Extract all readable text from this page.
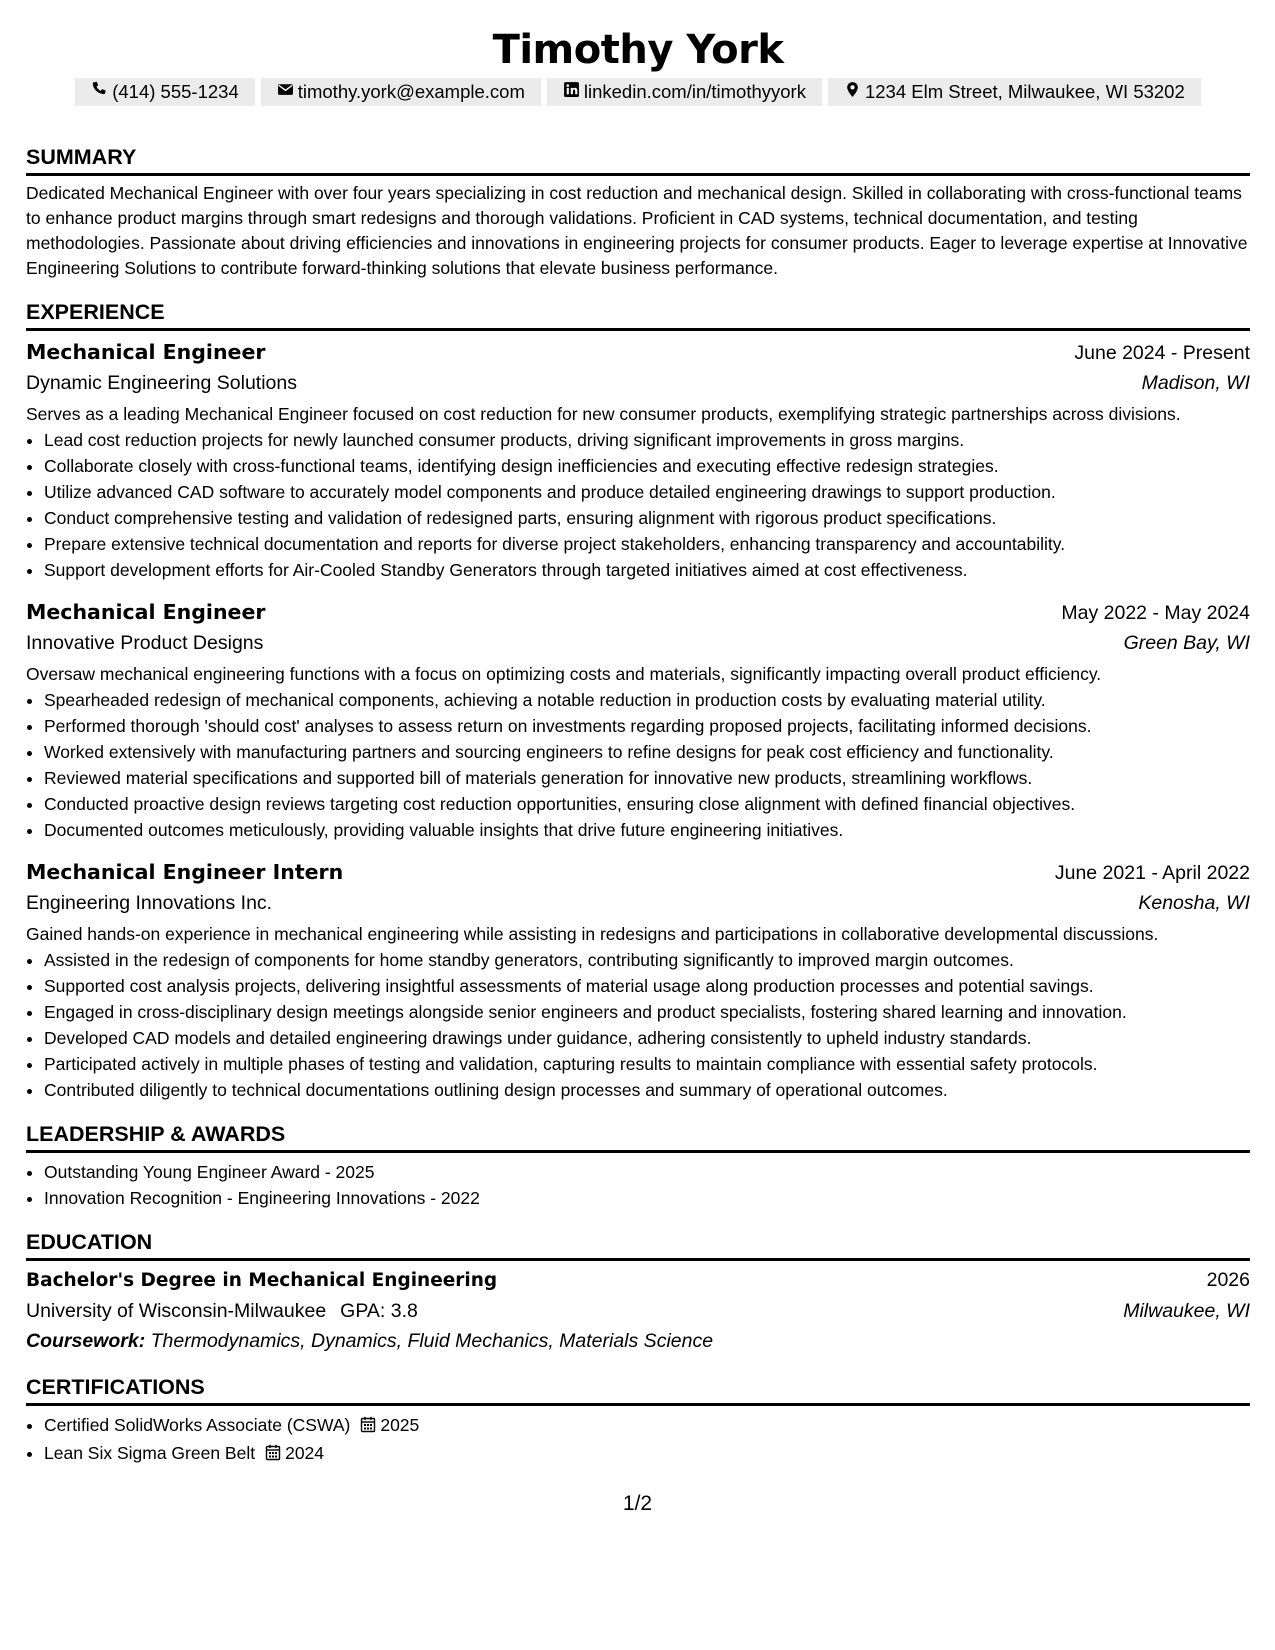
Timothy York
(414) 555-1234	timothy.york@example.com	linkedin.com/in/timothyyork	1234 Elm Street, Milwaukee, WI 53202
SUMMARY
Dedicated Mechanical Engineer with over four years specializing in cost reduction and mechanical design. Skilled in collaborating with cross-functional teams to enhance product margins through smart redesigns and thorough validations. Proficient in CAD systems, technical documentation, and testing methodologies. Passionate about driving efficiencies and innovations in engineering projects for consumer products. Eager to leverage expertise at Innovative Engineering Solutions to contribute forward-thinking solutions that elevate business performance.
EXPERIENCE
Mechanical Engineer	June 2024 - Present
Dynamic Engineering Solutions	Madison, WI
Serves as a leading Mechanical Engineer focused on cost reduction for new consumer products, exemplifying strategic partnerships across divisions.
• Lead cost reduction projects for newly launched consumer products, driving significant improvements in gross margins.
• Collaborate closely with cross-functional teams, identifying design inefficiencies and executing effective redesign strategies.
• Utilize advanced CAD software to accurately model components and produce detailed engineering drawings to support production.
• Conduct comprehensive testing and validation of redesigned parts, ensuring alignment with rigorous product specifications.
• Prepare extensive technical documentation and reports for diverse project stakeholders, enhancing transparency and accountability.
• Support development efforts for Air-Cooled Standby Generators through targeted initiatives aimed at cost effectiveness.
Mechanical Engineer	May 2022 - May 2024
Innovative Product Designs	Green Bay, WI
Oversaw mechanical engineering functions with a focus on optimizing costs and materials, significantly impacting overall product efficiency.
• Spearheaded redesign of mechanical components, achieving a notable reduction in production costs by evaluating material utility.
• Performed thorough 'should cost' analyses to assess return on investments regarding proposed projects, facilitating informed decisions.
• Worked extensively with manufacturing partners and sourcing engineers to refine designs for peak cost efficiency and functionality.
• Reviewed material specifications and supported bill of materials generation for innovative new products, streamlining workflows.
• Conducted proactive design reviews targeting cost reduction opportunities, ensuring close alignment with defined financial objectives.
• Documented outcomes meticulously, providing valuable insights that drive future engineering initiatives.
Mechanical Engineer Intern	June 2021 - April 2022
Engineering Innovations Inc.	Kenosha, WI
Gained hands-on experience in mechanical engineering while assisting in redesigns and participations in collaborative developmental discussions.
• Assisted in the redesign of components for home standby generators, contributing significantly to improved margin outcomes.
• Supported cost analysis projects, delivering insightful assessments of material usage along production processes and potential savings.
• Engaged in cross-disciplinary design meetings alongside senior engineers and product specialists, fostering shared learning and innovation.
• Developed CAD models and detailed engineering drawings under guidance, adhering consistently to upheld industry standards.
• Participated actively in multiple phases of testing and validation, capturing results to maintain compliance with essential safety protocols.
• Contributed diligently to technical documentations outlining design processes and summary of operational outcomes.
LEADERSHIP & AWARDS
• Outstanding Young Engineer Award - 2025
• Innovation Recognition - Engineering Innovations - 2022
EDUCATION
Bachelor's Degree in Mechanical Engineering	2026
University of Wisconsin-Milwaukee GPA: 3.8	Milwaukee, WI
Coursework: Thermodynamics, Dynamics, Fluid Mechanics, Materials Science
CERTIFICATIONS
• Certified SolidWorks Associate (CSWA) 2025
• Lean Six Sigma Green Belt 2024
1/2
